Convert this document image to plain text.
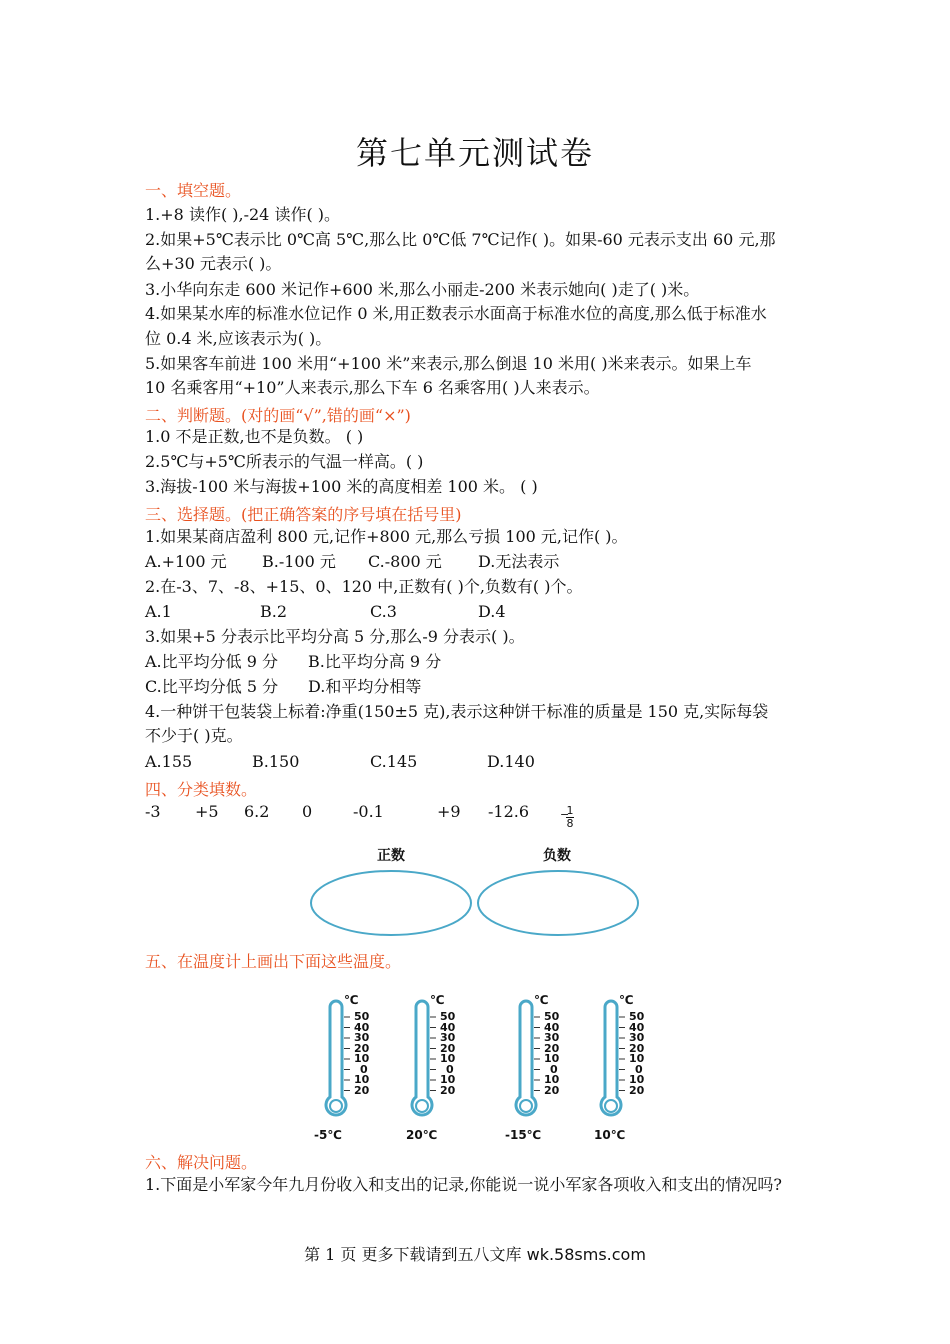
第七单元测试卷
一、填空题。
1.+8 读作( ),-24 读作( )。
2.如果+5℃表示比 0℃高 5℃,那么比 0℃低 7℃记作( )。如果-60 元表示支出 60 元,那
么+30 元表示( )。
3.小华向东走 600 米记作+600 米,那么小丽走-200 米表示她向( )走了( )米。
4.如果某水库的标准水位记作 0 米,用正数表示水面高于标准水位的高度,那么低于标准水
位 0.4 米,应该表示为( )。
5.如果客车前进 100 米用“+100 米”来表示,那么倒退 10 米用( )米来表示。如果上车
10 名乘客用“+10”人来表示,那么下车 6 名乘客用( )人来表示。
二、判断题。(对的画“√”,错的画“×”)
1.0 不是正数,也不是负数。 ( )
2.5℃与+5℃所表示的气温一样高。( )
3.海拔-100 米与海拔+100 米的高度相差 100 米。 ( )
三、选择题。(把正确答案的序号填在括号里)
1.如果某商店盈利 800 元,记作+800 元,那么亏损 100 元,记作( )。
A.+100 元 B.-100 元 C.-800 元 D.无法表示
2.在-3、7、-8、+15、0、120 中,正数有( )个,负数有( )个。
A.1	B.2	C.3	D.4
3.如果+5 分表示比平均分高 5 分,那么-9 分表示( )。
A.比平均分低 9 分 B.比平均分高 9 分
C.比平均分低 5 分 D.和平均分相等
4.一种饼干包装袋上标着:净重(150±5 克),表示这种饼干标准的质量是 150 克,实际每袋
不少于( )克。
A.155	B.150	C.145	D.140
四、分类填数。
-3 +5 6.2 0	-0.1	+9 -12.6	−
1
8
正数	负数
五、在温度计上画出下面这些温度。
℃
50
40
30
20
10
0
10
20
℃
50
40
30
20
10
0
10
20
℃
50
40
30
20
10
0
10
20
℃
50
40
30
20
10
0
10
20
-5℃	20℃	-15℃	10℃
六、解决问题。
1.下面是小军家今年九月份收入和支出的记录,你能说一说小军家各项收入和支出的情况吗?
第 1 页 更多下载请到五八文库 wk.58sms.com
